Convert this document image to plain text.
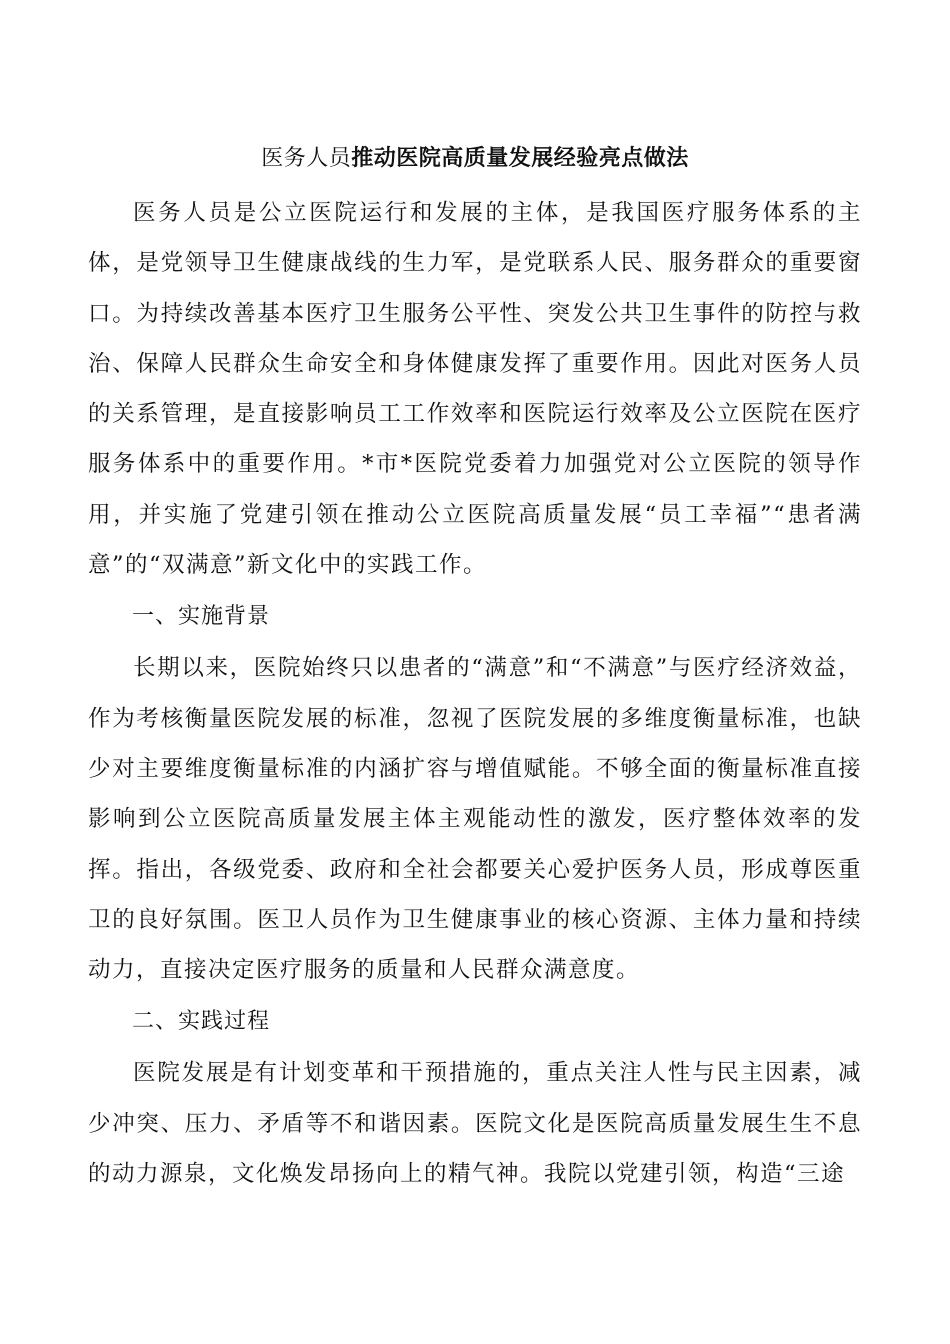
医务人员推动医院高质量发展经验亮点做法

医务人员是公立医院运行和发展的主体，是我国医疗服务体系的主体，是党领导卫生健康战线的生力军，是党联系人民、服务群众的重要窗口。为持续改善基本医疗卫生服务公平性、突发公共卫生事件的防控与救治、保障人民群众生命安全和身体健康发挥了重要作用。因此对医务人员的关系管理，是直接影响员工工作效率和医院运行效率及公立医院在医疗服务体系中的重要作用。*市*医院党委着力加强党对公立医院的领导作用，并实施了党建引领在推动公立医院高质量发展“员工幸福”“患者满意”的“双满意”新文化中的实践工作。

一、实施背景

长期以来，医院始终只以患者的“满意”和“不满意”与医疗经济效益，作为考核衡量医院发展的标准，忽视了医院发展的多维度衡量标准，也缺少对主要维度衡量标准的内涵扩容与增值赋能。不够全面的衡量标准直接影响到公立医院高质量发展主体主观能动性的激发，医疗整体效率的发挥。指出，各级党委、政府和全社会都要关心爱护医务人员，形成尊医重卫的良好氛围。医卫人员作为卫生健康事业的核心资源、主体力量和持续动力，直接决定医疗服务的质量和人民群众满意度。

二、实践过程

医院发展是有计划变革和干预措施的，重点关注人性与民主因素，减少冲突、压力、矛盾等不和谐因素。医院文化是医院高质量发展生生不息的动力源泉，文化焕发昂扬向上的精气神。我院以党建引领，构造“三途
